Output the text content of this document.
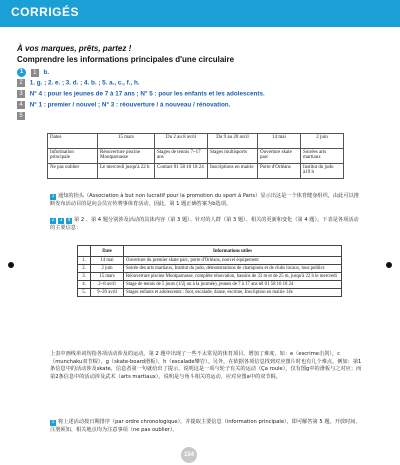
CORRIGÉS
À vos marques, prêts, partez !
Comprendre les informations principales d'une circulaire
1 1 b.
2 1. g. ; 2. e. ; 3. d. ; 4. b. ; 5. a., c., f., h.
3 N° 4 : pour les jeunes de 7 à 17 ans ; N° 5 : pour les enfants et les adolescents.
4 N° 1 : premier / nouvel ; N° 3 : réouverture / à nouveau / rénovation.
5
Dates	15 mars	Du 2 au 8 avril	Du 9 au 20 avril	14 mai	2 juin
Information principale	Réouverture piscine Montparnasse	Stages de tennis 7~17 ans	Stages multisports	Ouverture skate parc	Soirées arts martiaux
Ne pas oublier	Le mercredi jusqu'à 22 h	Contact 01 58 10 18 24	Inscriptions en mairie	Porte d'Orléans	Institut du judo à19 h
1 通知的抬头（Association à but non lucratif pour la promotion du sport à Paris）显示出这是一个体育健身组织，由此可以推断发布活动目的是向会员宣传赛事体育活动。因此，第 1 题正确答案为b选项。
2 3 4 第 2 、第 4 题分别涉及活动的具体内容（第 3 题）、针对的人群（第 3 题）、相关的更新和变化（第 4 题）。下表是各项活动的主要信息：
	Date	Informations utiles
1.	14 mai	Ouverture du premier skate parc, porte d'Orléans, nouvel équipement
2.	2 juin	Soirée des arts martiaux, Institut du judo, démonstrations de champions et de clubs locaux, tous publics
3.	15 mars	Réouverture piscine Montparnasse, complète rénovation, bassins de 33 m et de 25 m, jusqu'à 22 h le mercredi
4.	2~8 avril	Stage de tennis de 5 jours (1/2j ou à la journée), jeunes de 7 à 17 ans tél 01 58 10 18 24
5.	9~20 avril	Stages enfants et adolescents : foot, escalade, danse, escrime, Inscription en mairie 14e
上表中画线单词均指各项活动涉及的运动。第 2 题中出现了一些不太常见的体育项目，增加了难度，如：e（escrime击剑），c（munchaku双节棍），g（skate-board滑板），h（escalade攀岩）。另外，在依据各项信息找到对应图片时也有几个难点，例如：第1条信息中的活动涉及skate，信息者第一句就给出了提示，说明这是一项与轮子有关的运动（Ça roule），仅有图g中的滑板与之对应；而第2条信息中的活动涉及武术（arts martiaux），说明是与角斗相关的运动，应对应图a中的双节棍。
5 将上述活动按日期排序（par ordre chronologique），并提取主要信息（information principale），即可解答第 5 题。开放时间、注册须知、相关地点均为注意事项（ne pas oublier）。
154
